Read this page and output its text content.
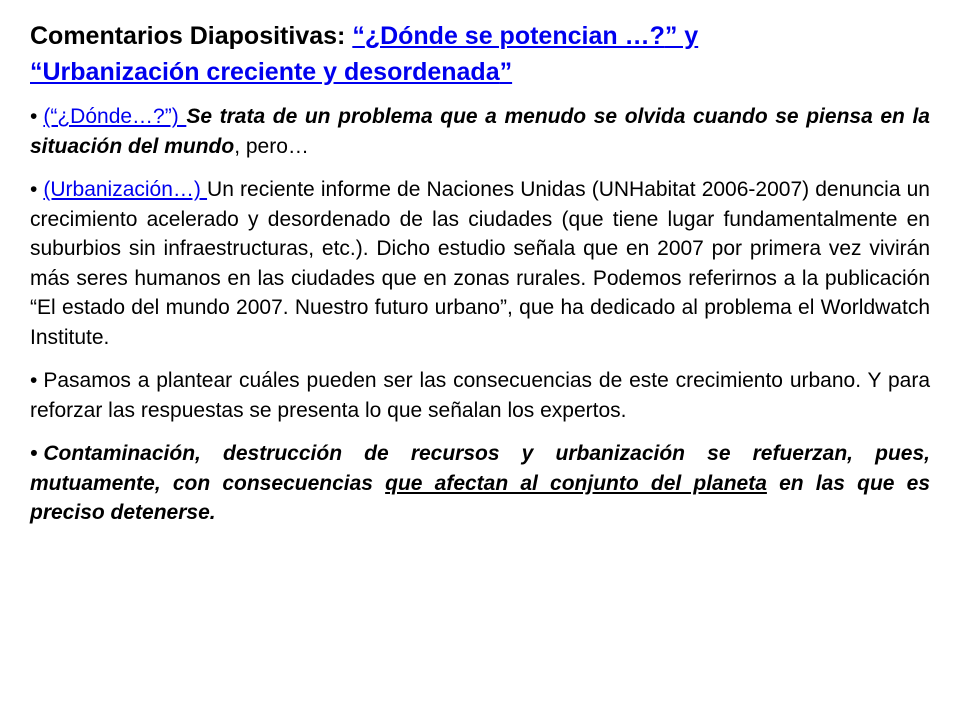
Comentarios Diapositivas: “¿Dónde se potencian …?” y
“Urbanización creciente y desordenada”
• (“¿Dónde…?”) Se trata de un problema que a menudo se olvida cuando se piensa en la situación del mundo, pero…
• (Urbanización…) Un reciente informe de Naciones Unidas (UNHabitat 2006-2007) denuncia un crecimiento acelerado y desordenado de las ciudades (que tiene lugar fundamentalmente en suburbios sin infraestructuras, etc.). Dicho estudio señala que en 2007 por primera vez vivirán más seres humanos en las ciudades que en zonas rurales. Podemos referirnos a la publicación “El estado del mundo 2007. Nuestro futuro urbano”, que ha dedicado al problema el Worldwatch Institute.
• Pasamos a plantear cuáles pueden ser las consecuencias de este crecimiento urbano. Y para reforzar las respuestas se presenta lo que señalan los expertos.
• Contaminación, destrucción de recursos y urbanización se refuerzan, pues, mutuamente, con consecuencias que afectan al conjunto del planeta en las que es preciso detenerse.
